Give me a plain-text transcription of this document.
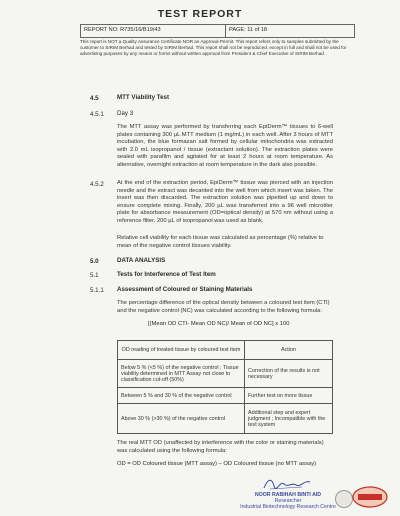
TEST REPORT
REPORT NO: R735/16/B19/43	PAGE: 11 of 18
This report is NOT a Quality Assurance Certificate NOR an Approval Permit. This report refers only to samples submitted by the customer to SIRIM Berhad and tested by SIRIM Berhad. This report shall not be reproduced, except in full and shall not be used for advertising purposes by any means or forms without written approval from President & Chief Executive of SIRIM Berhad.
4.5	MTT Viability Test
4.5.1 Day 3
The MTT assay was performed by transferring each EpiDerm™ tissues to 6-well plates containing 300 µL MTT medium (1 mg/mL) in each well. After 3 hours of MTT incubation, the blue formazan salt formed by cellular mitochondria was extracted with 2.0 mL isopropanol / tissue (extractant solution). The extraction plates were sealed with parafilm and agitated for at least 2 hours at room temperature. As alternative, overnight extraction at room temperature in the dark also possible.
4.5.2 At the end of the extraction period, EpiDerm™ tissue was pierced with an injection needle and the extract was decanted into the well from which insert was taken. The insert was then discarded. The extraction solution was pipetted up and down to ensure complete mixing. Finally, 200 µL was transferred into a 96 well microtiter plate for absorbance measurement (OD=optical density) at 570 nm without using a reference filter. 200 µL of isopropanol was used as blank.
Relative cell viability for each tissue was calculated as percentage (%) relative to mean of the negative control tissues viability.
5.0	DATA ANALYSIS
5.1	Tests for Interference of Test Item
5.1.1 Assessment of Coloured or Staining Materials
The percentage difference of the optical density between a coloured test item (CTI) and the negative control (NC) was calculated according to the following formula:
[(Mean OD CTI- Mean OD NC)/ Mean of OD NC] x 100
OD reading of treated tissue by coloured test item	Action
Below 5 % (<5 %) of the negative control ; Tissue viability determined in MTT Assay not close to classification cut-off (50%)	Correction of the results is not necessary
Between 5 % and 30 % of the negative control	Further test on more tissue
Above 30 % (>30 %) of the negative control	Additional step and expert judgment ; Incompatible with the test system
The real MTT OD (unaffected by interference with the color or staining materials) was calculated using the following formula:
OD = OD Coloured tissue (MTT assay) – OD Coloured tissue (no MTT assay)
NOOR RABIHAH BINTI AID
Researcher
Industrial Biotechnology Research Centre
